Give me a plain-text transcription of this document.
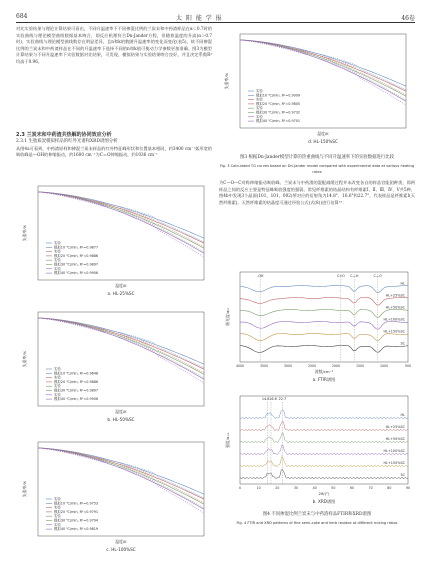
684	太 阳 能 学 报	46卷

对比实验结果与理论计算结果可看出，不同升温速率下不同掺混比例的兰炭末和中药渣样品在α＜0.7时的实验曲线与理论模型曲线数据基本吻合，即反应机理符合Dn-Jander方程，但随着温度的升高(α＞0.7时)，实验曲线与理论模型曲线数存在明显差异，且n和k的数随升温速率的变化而变化(表5)，故不同掺混比例的兰炭末和中药渣样品在不同的升温速率下选择不同的n和k值可使动力学参数更加准确。图3为模型计算结果与不同升温速率下实验数据对比结果，可发现，模拟结果与实验结果吻合良好，并且决定系数R²均高于0.96。

2.3 兰炭末和中药渣共热解的协同效应分析

2.3.1 生胎质炭模拟样品的红外光谱和XRD谱图分析

从图4a可看到，中药渣原样和掺混兰炭末样品的红外特征峰形状和位置基本相同，约3400 cm⁻¹弧形宽的吸收峰是—OH的伸缩振动，约1600 cm⁻¹为C＝O伸缩振动，约1036 cm⁻¹

实验
模拟10 ℃/min, R²=0.9877
实验
模拟20 ℃/min, R²=0.9886
实验
模拟30 ℃/min, R²=0.9897
实验
模拟40 ℃/min, R²=0.9906
失重率/%
温度/K
a. HL-25%SC
实验
模拟10 ℃/min, R²=0.9648
实验
模拟20 ℃/min, R²=0.9886
实验
模拟30 ℃/min, R²=0.9897
实验
模拟40 ℃/min, R²=0.9906
失重率/%
温度/K
b. HL-50%SC
实验
模拟10 ℃/min, R²=0.9753
实验
模拟20 ℃/min, R²=0.9791
实验
模拟30 ℃/min, R²=0.9794
实验
模拟40 ℃/min, R²=0.9819
失重率/%
温度/K
c. HL-100%SC
实验
模拟10 ℃/min, R²=0.9999
实验
模拟20 ℃/min, R²=0.9805
实验
模拟30 ℃/min, R²=0.9732
实验
模拟40 ℃/min, R²=0.9701
失重率/%
温度/K
d. HL-150%SC
图3 根据Dn-Jander模型计算的热重曲线与不同升温速率下的实验数据进行比较
Fig. 3 Calculated TG curves based on Dn-Jander model compared with experimental data at various heating rates

为C—O—C对称伸缩振动吸收峰。兰炭末与中药渣的混配减缓过程并未改变各自的样品官能团种类，即两样品之间的反应主要是特征峰吸收强度的强弱。常见纤维素的结晶结构有纤维素Ⅰ、Ⅱ、Ⅲ、Ⅳ、Ⅴ共5种，图4b中发现3个晶面(101，101，002)所对应的衍射角为14.8°、16.6°和22.7°，代表样品是纤维素Ⅰ(天然纤维素)。天然纤维素的结晶度可通过经验公式(式(8))进行估算¹⁹：

HL
HL+25%SC
HL+50%SC
HL+100%SC
HL+150%SC
SC
-OH	C=O C—H	C—O
4000	3500	3000	2500	2000	1500	1000	500
吸光度/au
波数/cm⁻¹
a. FTIR谱图
HL
HL+25%SC
HL+50%SC
HL+100%SC
HL+150%SC
SC
14.8 16.6 22.7
0	10	20	30	40	50	60	70	80	90
强度/a.u.
2θ/(°)
b. XRD谱图
图4 不同掺混比例兰炭末与中药渣样品FTIR和XRD谱图
Fig. 4 FTIR and XRD patterns of fine semi-coke and herb residue at different mixing ratios
